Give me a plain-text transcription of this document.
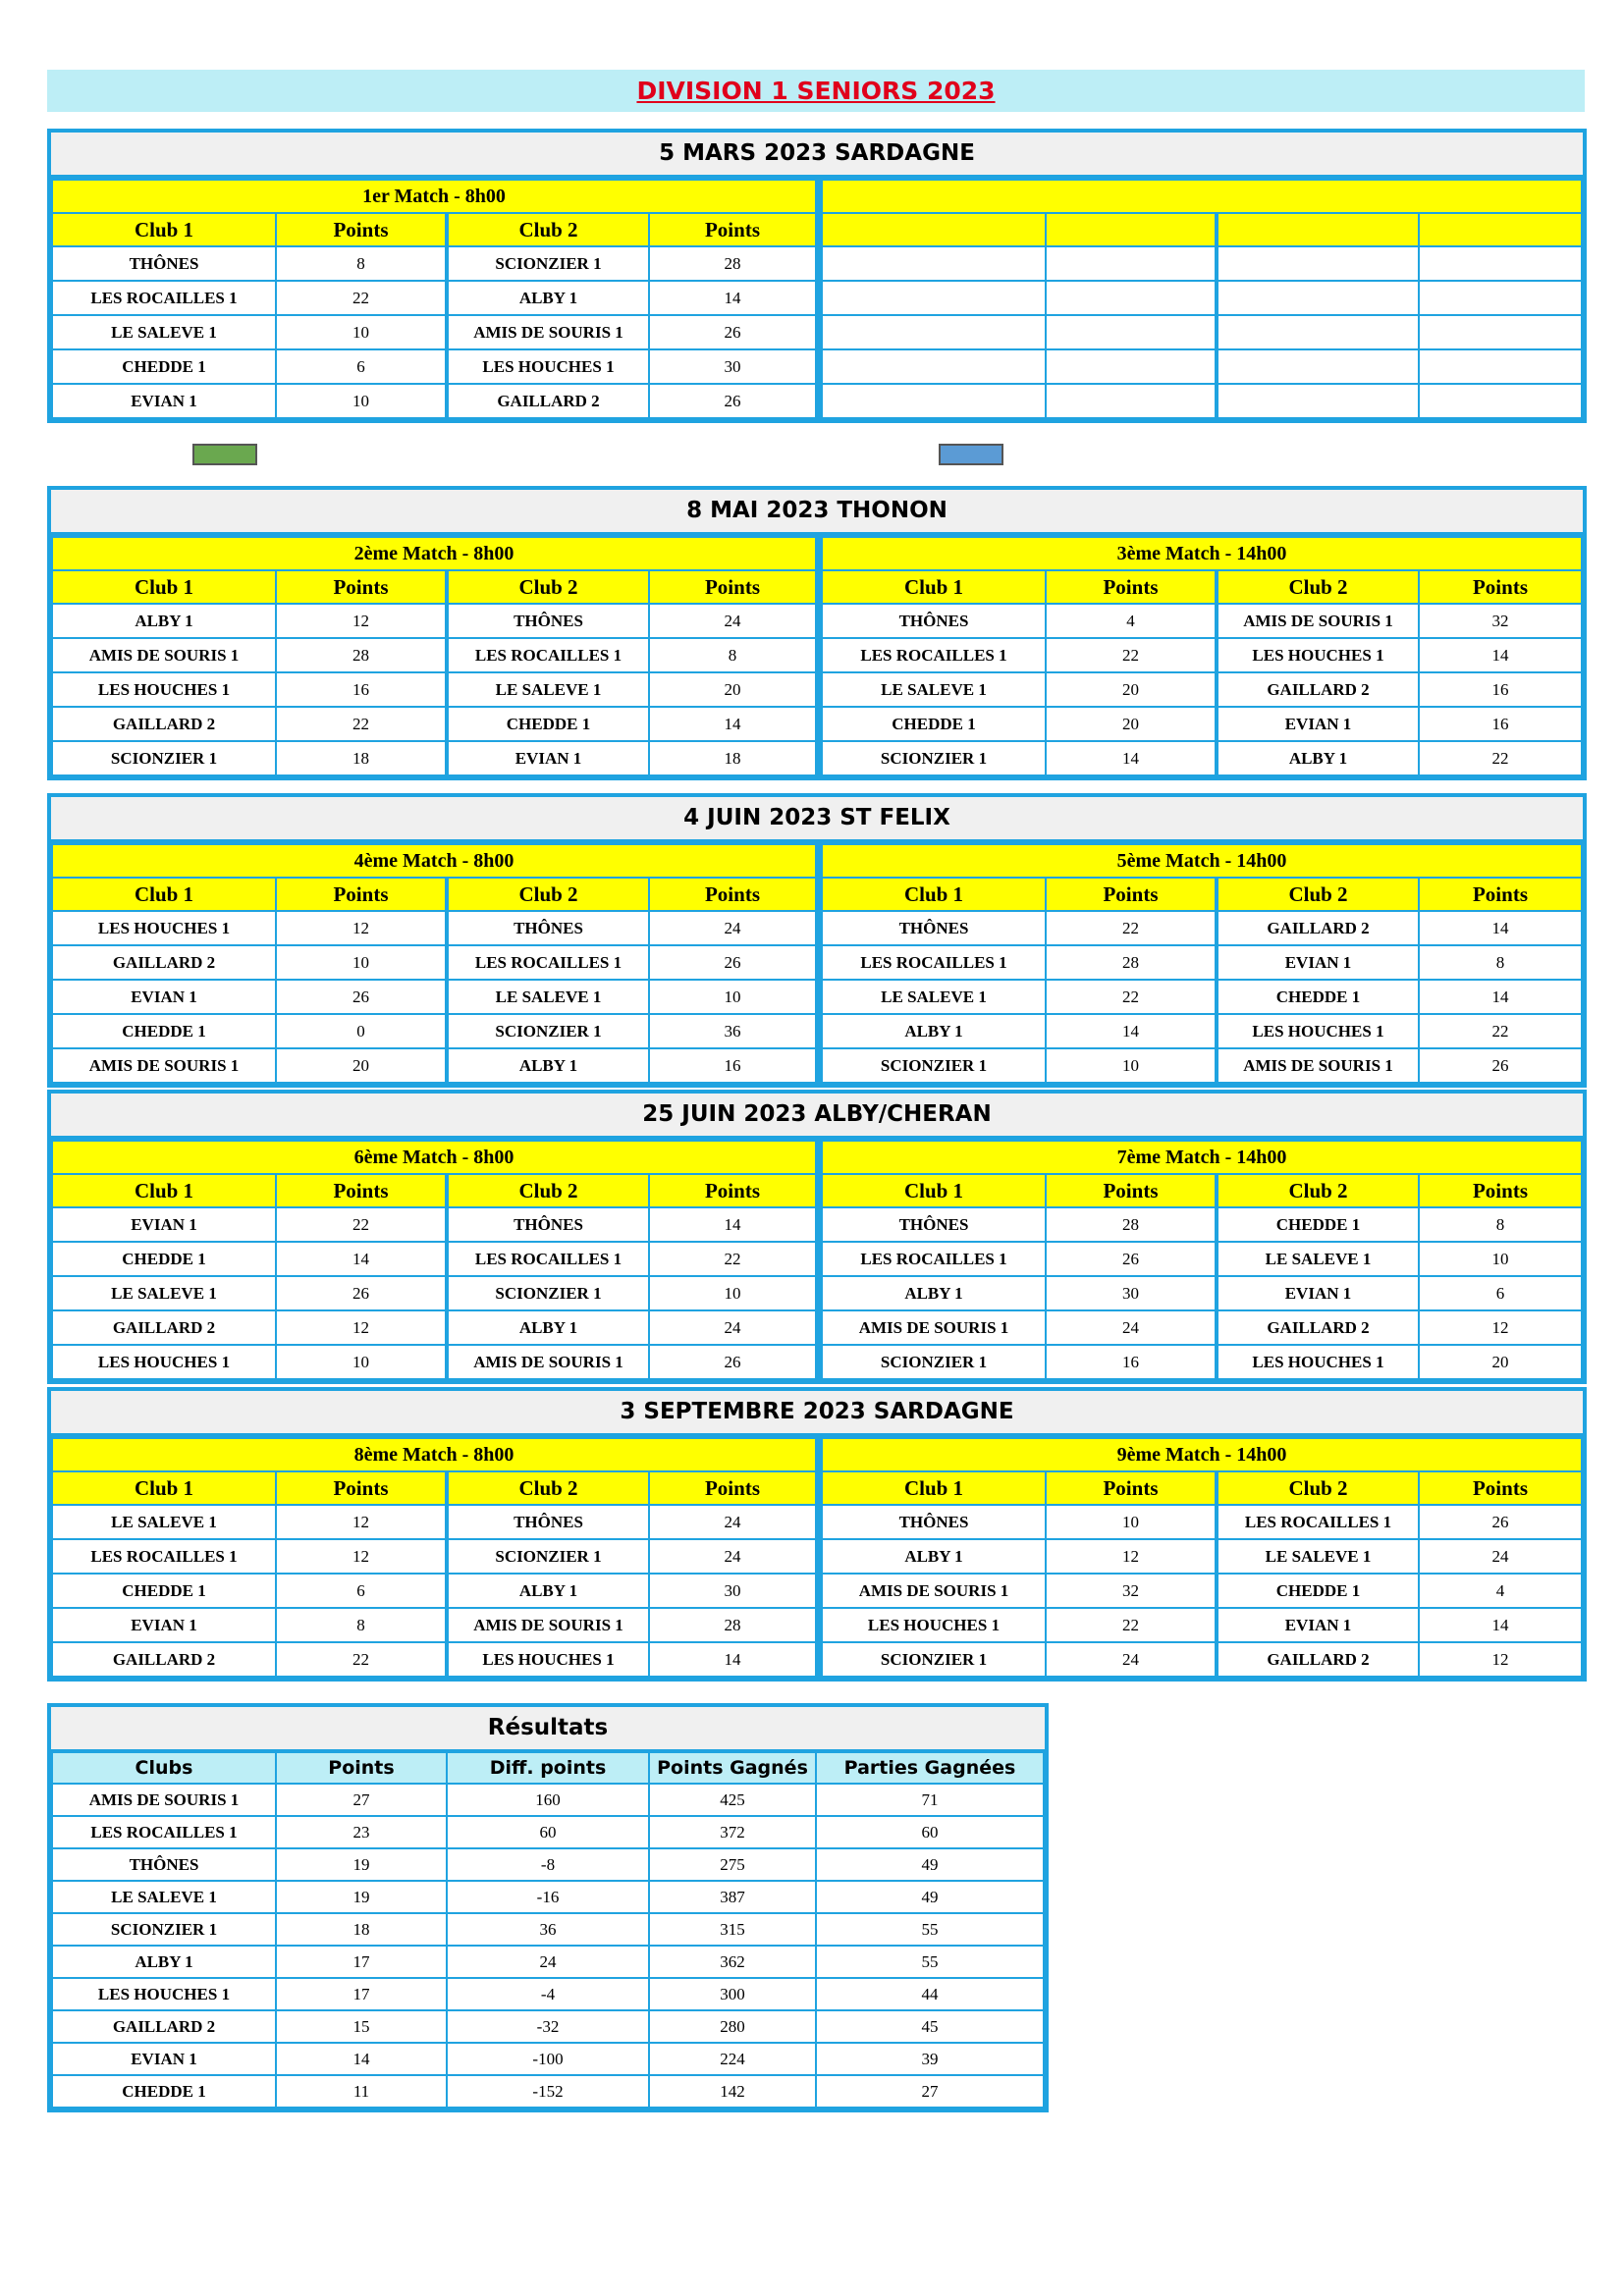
DIVISION 1 SENIORS 2023
5 MARS 2023 SARDAGNE
1er Match - 8h00			
Club 1	Points	Club 2	Points
THÔNES	8	SCIONZIER 1	28
LES ROCAILLES 1	22	ALBY 1	14
LE SALEVE 1	10	AMIS DE SOURIS 1	26
CHEDDE 1	6	LES HOUCHES 1	30
EVIAN 1	10	GAILLARD 2	26

8 MAI 2023 THONON
2ème Match - 8h00			
Club 1	Points	Club 2	Points
ALBY 1	12	THÔNES	24
AMIS DE SOURIS 1	28	LES ROCAILLES 1	8
LES HOUCHES 1	16	LE SALEVE 1	20
GAILLARD 2	22	CHEDDE 1	14
SCIONZIER 1	18	EVIAN 1	18
3ème Match - 14h00			
Club 1	Points	Club 2	Points
THÔNES	4	AMIS DE SOURIS 1	32
LES ROCAILLES 1	22	LES HOUCHES 1	14
LE SALEVE 1	20	GAILLARD 2	16
CHEDDE 1	20	EVIAN 1	16
SCIONZIER 1	14	ALBY 1	22
4 JUIN 2023 ST FELIX
4ème Match - 8h00			
Club 1	Points	Club 2	Points
LES HOUCHES 1	12	THÔNES	24
GAILLARD 2	10	LES ROCAILLES 1	26
EVIAN 1	26	LE SALEVE 1	10
CHEDDE 1	0	SCIONZIER 1	36
AMIS DE SOURIS 1	20	ALBY 1	16
5ème Match - 14h00			
Club 1	Points	Club 2	Points
THÔNES	22	GAILLARD 2	14
LES ROCAILLES 1	28	EVIAN 1	8
LE SALEVE 1	22	CHEDDE 1	14
ALBY 1	14	LES HOUCHES 1	22
SCIONZIER 1	10	AMIS DE SOURIS 1	26
25 JUIN 2023 ALBY/CHERAN
6ème Match - 8h00			
Club 1	Points	Club 2	Points
EVIAN 1	22	THÔNES	14
CHEDDE 1	14	LES ROCAILLES 1	22
LE SALEVE 1	26	SCIONZIER 1	10
GAILLARD 2	12	ALBY 1	24
LES HOUCHES 1	10	AMIS DE SOURIS 1	26
7ème Match - 14h00			
Club 1	Points	Club 2	Points
THÔNES	28	CHEDDE 1	8
LES ROCAILLES 1	26	LE SALEVE 1	10
ALBY 1	30	EVIAN 1	6
AMIS DE SOURIS 1	24	GAILLARD 2	12
SCIONZIER 1	16	LES HOUCHES 1	20
3 SEPTEMBRE 2023 SARDAGNE
8ème Match - 8h00			
Club 1	Points	Club 2	Points
LE SALEVE 1	12	THÔNES	24
LES ROCAILLES 1	12	SCIONZIER 1	24
CHEDDE 1	6	ALBY 1	30
EVIAN 1	8	AMIS DE SOURIS 1	28
GAILLARD 2	22	LES HOUCHES 1	14
9ème Match - 14h00			
Club 1	Points	Club 2	Points
THÔNES	10	LES ROCAILLES 1	26
ALBY 1	12	LE SALEVE 1	24
AMIS DE SOURIS 1	32	CHEDDE 1	4
LES HOUCHES 1	22	EVIAN 1	14
SCIONZIER 1	24	GAILLARD 2	12
Résultats
Clubs	Points	Diff. points	Points Gagnés	Parties Gagnées
AMIS DE SOURIS 1	27	160	425	71
LES ROCAILLES 1	23	60	372	60
THÔNES	19	-8	275	49
LE SALEVE 1	19	-16	387	49
SCIONZIER 1	18	36	315	55
ALBY 1	17	24	362	55
LES HOUCHES 1	17	-4	300	44
GAILLARD 2	15	-32	280	45
EVIAN 1	14	-100	224	39
CHEDDE 1	11	-152	142	27
